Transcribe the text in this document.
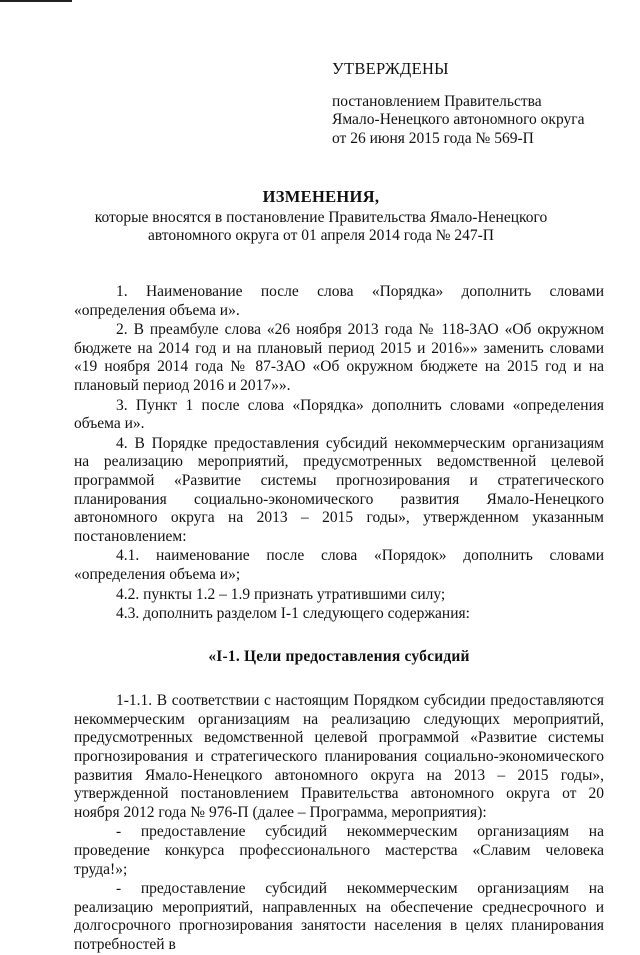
УТВЕРЖДЕНЫ
постановлением Правительства
Ямало-Ненецкого автономного округа
от 26 июня 2015 года № 569-П
ИЗМЕНЕНИЯ,
которые вносятся в постановление Правительства Ямало-Ненецкого
автономного округа от 01 апреля 2014 года № 247-П

1. Наименование после слова «Порядка» дополнить словами «определения объема и».

2. В преамбуле слова «26 ноября 2013 года № 118-ЗАО «Об окружном бюджете на 2014 год и на плановый период 2015 и 2016»» заменить словами «19 ноября 2014 года № 87-ЗАО «Об окружном бюджете на 2015 год и на плановый период 2016 и 2017»».

3. Пункт 1 после слова «Порядка» дополнить словами «определения объема и».

4. В Порядке предоставления субсидий некоммерческим организациям на реализацию мероприятий, предусмотренных ведомственной целевой программой «Развитие системы прогнозирования и стратегического планирования социально-экономического развития Ямало-Ненецкого автономного округа на 2013 – 2015 годы», утвержденном указанным постановлением:

4.1. наименование после слова «Порядок» дополнить словами «определения объема и»;

4.2. пункты 1.2 – 1.9 признать утратившими силу;

4.3. дополнить разделом I-1 следующего содержания:

«I-1. Цели предоставления субсидий

1-1.1. В соответствии с настоящим Порядком субсидии предоставляются некоммерческим организациям на реализацию следующих мероприятий, предусмотренных ведомственной целевой программой «Развитие системы прогнозирования и стратегического планирования социально-экономического развития Ямало-Ненецкого автономного округа на 2013 – 2015 годы», утвержденной постановлением Правительства автономного округа от 20 ноября 2012 года № 976-П (далее – Программа, мероприятия):

- предоставление субсидий некоммерческим организациям на проведение конкурса профессионального мастерства «Славим человека труда!»;

- предоставление субсидий некоммерческим организациям на реализацию мероприятий, направленных на обеспечение среднесрочного и долгосрочного прогнозирования занятости населения в целях планирования потребностей в
